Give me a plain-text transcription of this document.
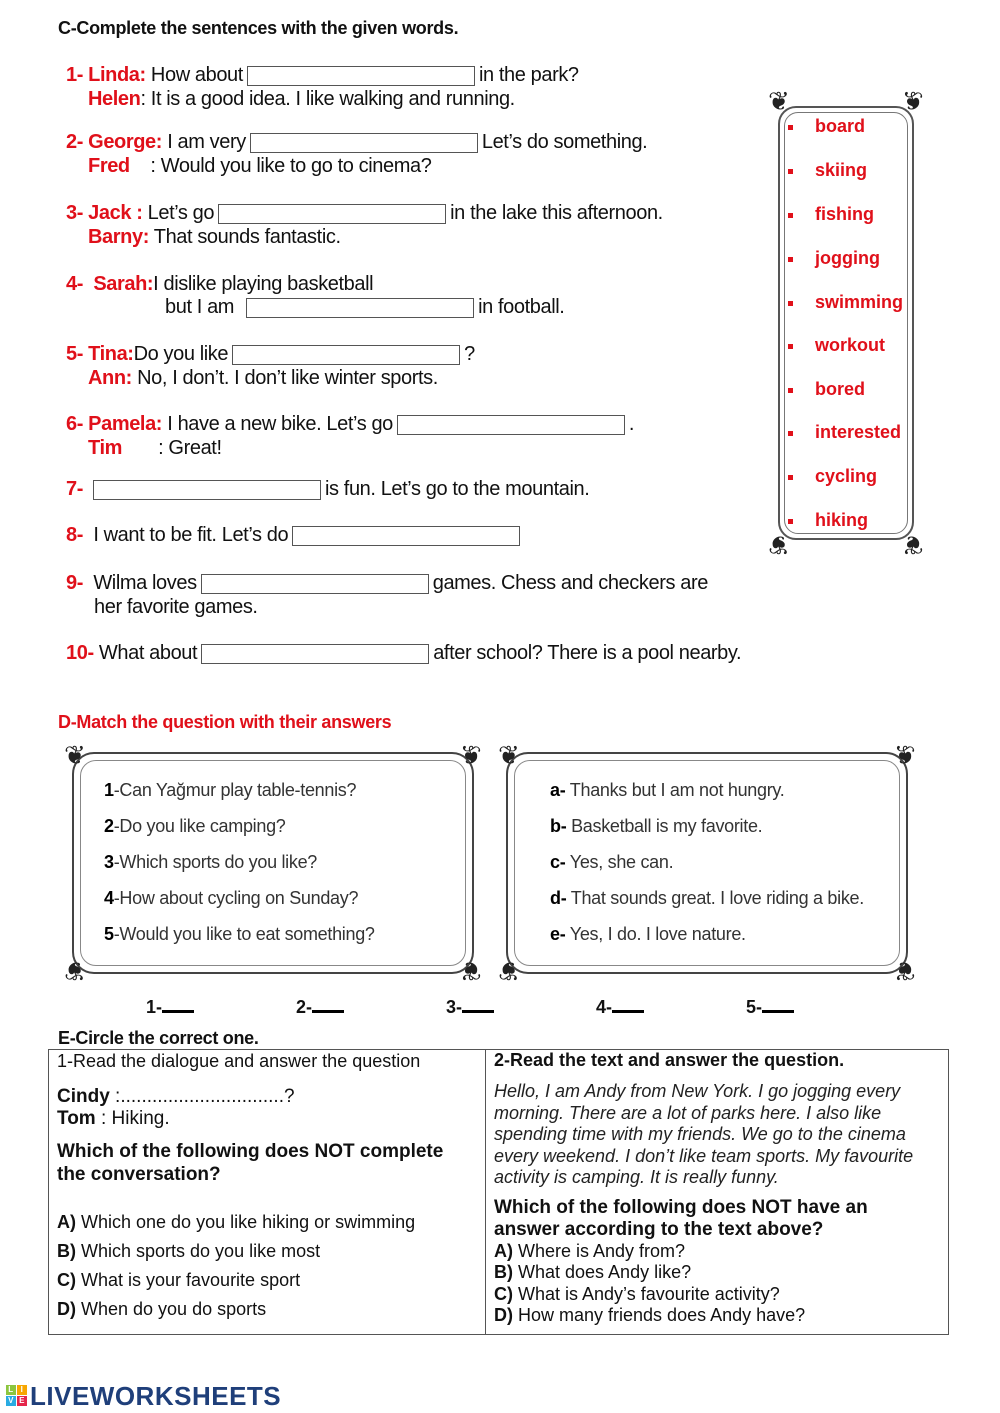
C-Complete the sentences with the given words.
1- Linda: How about	in the park?
Helen: It is a good idea. I like walking and running.
2- George: I am very	Let’s do something.
Fred : Would you like to go to cinema?
3- Jack : Let’s go	in the lake this afternoon.
Barny: That sounds fantastic.
4- Sarah:I dislike playing basketball
but I am	in football.
5- Tina:Do you like	?
Ann: No, I don’t. I don’t like winter sports.
6- Pamela: I have a new bike. Let’s go	.
Tim : Great!
7-	is fun. Let’s go to the mountain.
8- I want to be fit. Let’s do
9- Wilma loves	games. Chess and checkers are
her favorite games.
10- What about	after school? There is a pool nearby.
❦	❦
❦	❦
board
skiing
fishing
jogging
swimming
workout
bored
interested
cycling
hiking
D-Match the question with their answers
❦	❦
❦	❦
1-Can Yağmur play table-tennis?
2-Do you like camping?
3-Which sports do you like?
4-How about cycling on Sunday?
5-Would you like to eat something?
❦	❦
❦	❦
a- Thanks but I am not hungry.
b- Basketball is my favorite.
c- Yes, she can.
d- That sounds great. I love riding a bike.
e- Yes, I do. I love nature.
1-	2-	3-	4-	5-
E-Circle the correct one.
1-Read the dialogue and answer the question
Cindy :...............................?
Tom : Hiking.
Which of the following does NOT complete the conversation?
A) Which one do you like hiking or swimming
B) Which sports do you like most
C) What is your favourite sport
D) When do you do sports

2-Read the text and answer the question.
Hello, I am Andy from New York. I go jogging every morning. There are a lot of parks here. I also like spending time with my friends. We go to the cinema every weekend. I don’t like team sports. My favourite activity is camping. It is really funny.
Which of the following does NOT have an answer according to the text above?
A) Where is Andy from?
B) What does Andy like?
C) What is Andy’s favourite activity?
D) How many friends does Andy have?
L I
V E LIVEWORKSHEETS
